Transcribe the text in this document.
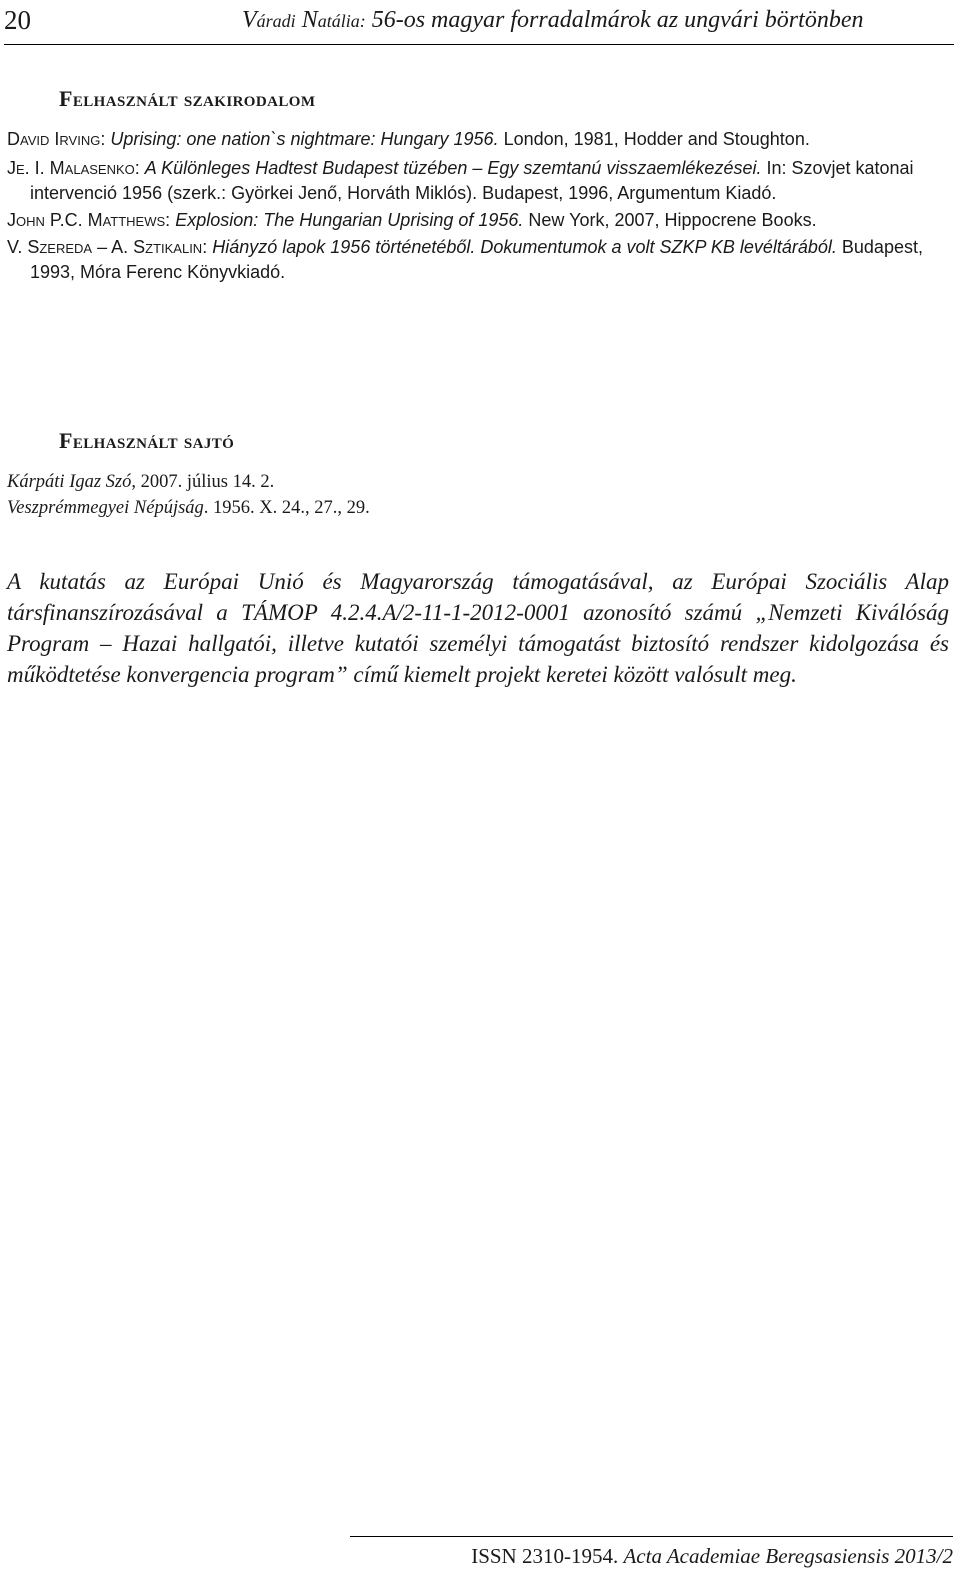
20	Váradi Natália: 56-os magyar forradalmárok az ungvári börtönben
Felhasznált szakirodalom

David Irving: Uprising: one nation`s nightmare: Hungary 1956. London, 1981, Hodder and Stoughton.

Je. I. Malasenko: A Különleges Hadtest Budapest tüzében – Egy szemtanú visszaemlékezései. In: Szovjet katonai intervenció 1956 (szerk.: Györkei Jenő, Horváth Miklós). Budapest, 1996, Argumentum Kiadó.

John P.C. Matthews: Explosion: The Hungarian Uprising of 1956. New York, 2007, Hippocrene Books.

V. Szereda – A. Sztikalin: Hiányzó lapok 1956 történetéből. Dokumentumok a volt SZKP KB levéltárából. Budapest, 1993, Móra Ferenc Könyvkiadó.

Felhasznált sajtó

Kárpáti Igaz Szó, 2007. július 14. 2.

Veszprémmegyei Népújság. 1956. X. 24., 27., 29.

A kutatás az Európai Unió és Magyarország támogatásával, az Európai Szociális Alap társfinanszírozásával a TÁMOP 4.2.4.A/2-11-1-2012-0001 azonosító számú „Nemzeti Kiválóság Program – Hazai hallgatói, illetve kutatói személyi támogatást biztosító rendszer kidolgozása és működtetése konvergencia program” című kiemelt projekt keretei között valósult meg.

ISSN 2310-1954. Acta Academiae Beregsasiensis 2013/2
